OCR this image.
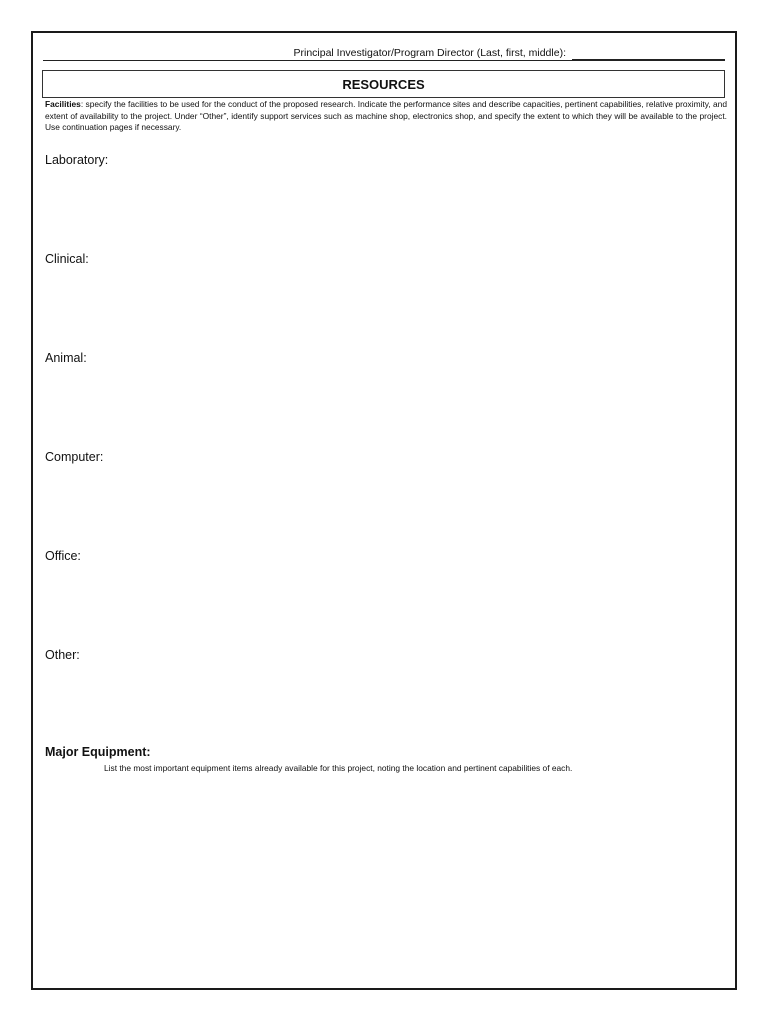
Principal Investigator/Program Director (Last, first, middle):
RESOURCES
Facilities: specify the facilities to be used for the conduct of the proposed research. Indicate the performance sites and describe capacities, pertinent capabilities, relative proximity, and extent of availability to the project. Under “Other”, identify support services such as machine shop, electronics shop, and specify the extent to which they will be available to the project. Use continuation pages if necessary.
Laboratory:
Clinical:
Animal:
Computer:
Office:
Other:
Major Equipment:
List the most important equipment items already available for this project, noting the location and pertinent capabilities of each.
